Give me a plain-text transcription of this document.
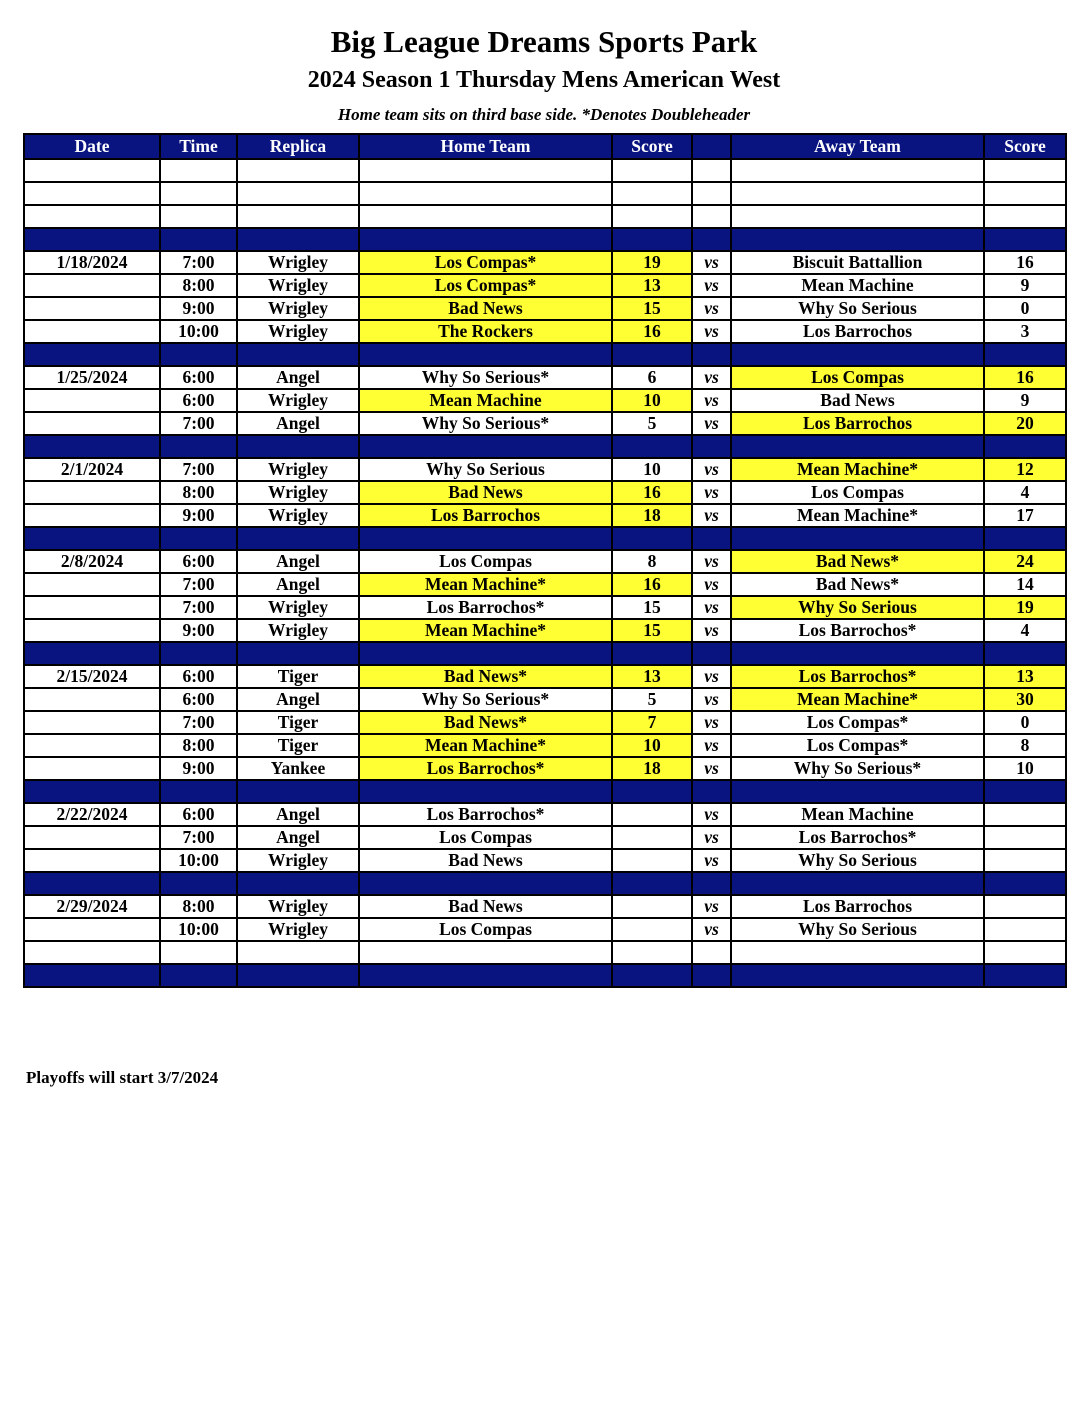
Big League Dreams Sports Park
2024 Season 1 Thursday Mens American West
Home team sits on third base side. *Denotes Doubleheader
Date	Time	Replica	Home Team	Score		Away Team	Score

1/18/2024	7:00	Wrigley	Los Compas*	19	vs	Biscuit Battallion	16
	8:00	Wrigley	Los Compas*	13	vs	Mean Machine	9
	9:00	Wrigley	Bad News	15	vs	Why So Serious	0
	10:00	Wrigley	The Rockers	16	vs	Los Barrochos	3

1/25/2024	6:00	Angel	Why So Serious*	6	vs	Los Compas	16
	6:00	Wrigley	Mean Machine	10	vs	Bad News	9
	7:00	Angel	Why So Serious*	5	vs	Los Barrochos	20

2/1/2024	7:00	Wrigley	Why So Serious	10	vs	Mean Machine*	12
	8:00	Wrigley	Bad News	16	vs	Los Compas	4
	9:00	Wrigley	Los Barrochos	18	vs	Mean Machine*	17

2/8/2024	6:00	Angel	Los Compas	8	vs	Bad News*	24
	7:00	Angel	Mean Machine*	16	vs	Bad News*	14
	7:00	Wrigley	Los Barrochos*	15	vs	Why So Serious	19
	9:00	Wrigley	Mean Machine*	15	vs	Los Barrochos*	4

2/15/2024	6:00	Tiger	Bad News*	13	vs	Los Barrochos*	13
	6:00	Angel	Why So Serious*	5	vs	Mean Machine*	30
	7:00	Tiger	Bad News*	7	vs	Los Compas*	0
	8:00	Tiger	Mean Machine*	10	vs	Los Compas*	8
	9:00	Yankee	Los Barrochos*	18	vs	Why So Serious*	10

2/22/2024	6:00	Angel	Los Barrochos*		vs	Mean Machine	
	7:00	Angel	Los Compas		vs	Los Barrochos*	
	10:00	Wrigley	Bad News		vs	Why So Serious	

2/29/2024	8:00	Wrigley	Bad News		vs	Los Barrochos	
	10:00	Wrigley	Los Compas		vs	Why So Serious	

Playoffs will start 3/7/2024
